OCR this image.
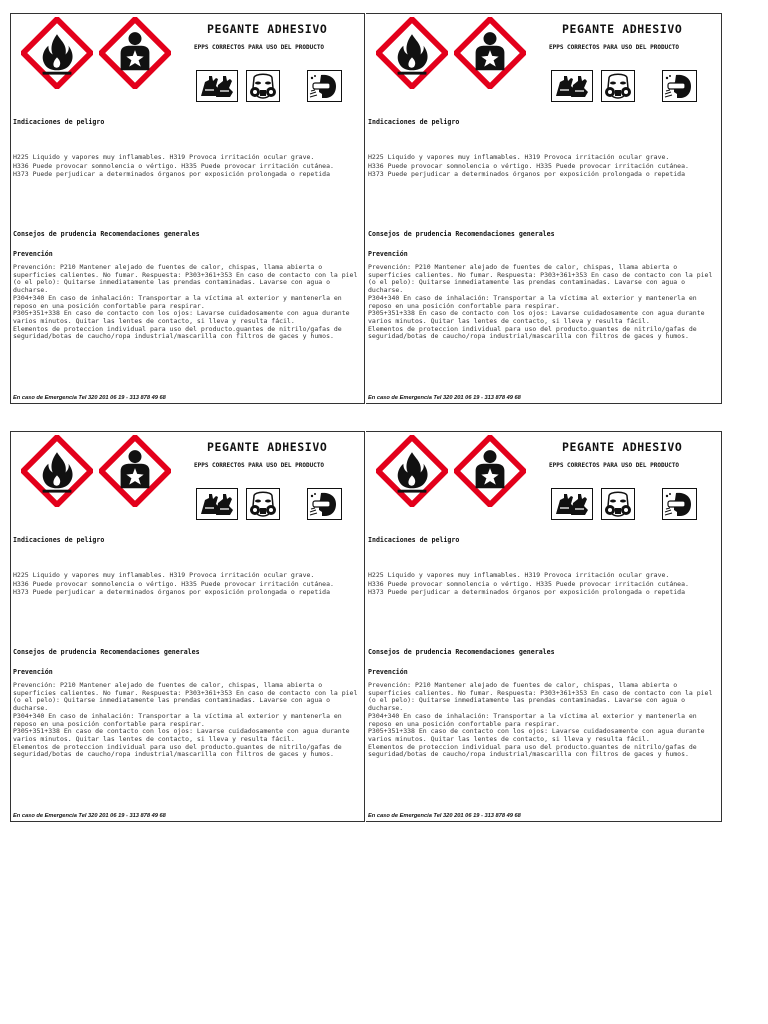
PEGANTE ADHESIVO
EPPS CORRECTOS PARA USO DEL PRODUCTO
Indicaciones de peligro
H225 Liquido y vapores muy inflamables. H319 Provoca irritación ocular grave.
H336 Puede provocar somnolencia o vértigo. H335 Puede provocar irritación cutánea.
H373 Puede perjudicar a determinados órganos por exposición prolongada o repetida
Consejos de prudencia Recomendaciones generales
Prevención
Prevención: P210 Mantener alejado de fuentes de calor, chispas, llama abierta o superficies calientes. No fumar. Respuesta: P303+361+353 En caso de contacto con la piel (o el pelo): Quitarse inmediatamente las prendas contaminadas. Lavarse con agua o ducharse.
P304+340 En caso de inhalación: Transportar a la víctima al exterior y mantenerla en reposo en una posición confortable para respirar.
P305+351+338 En caso de contacto con los ojos: Lavarse cuidadosamente con agua durante varios minutos. Quitar las lentes de contacto, si lleva y resulta fácil.
Elementos de proteccion individual para uso del producto.guantes de nitrilo/gafas de seguridad/botas de caucho/ropa industrial/mascarilla con filtros de gaces y humos.
En caso de Emergencia Tel 320 201 06 19 - 313 878 49 68
PEGANTE ADHESIVO
EPPS CORRECTOS PARA USO DEL PRODUCTO
Indicaciones de peligro
H225 Liquido y vapores muy inflamables. H319 Provoca irritación ocular grave.
H336 Puede provocar somnolencia o vértigo. H335 Puede provocar irritación cutánea.
H373 Puede perjudicar a determinados órganos por exposición prolongada o repetida
Consejos de prudencia Recomendaciones generales
Prevención
Prevención: P210 Mantener alejado de fuentes de calor, chispas, llama abierta o superficies calientes. No fumar. Respuesta: P303+361+353 En caso de contacto con la piel (o el pelo): Quitarse inmediatamente las prendas contaminadas. Lavarse con agua o ducharse.
P304+340 En caso de inhalación: Transportar a la víctima al exterior y mantenerla en reposo en una posición confortable para respirar.
P305+351+338 En caso de contacto con los ojos: Lavarse cuidadosamente con agua durante varios minutos. Quitar las lentes de contacto, si lleva y resulta fácil.
Elementos de proteccion individual para uso del producto.guantes de nitrilo/gafas de seguridad/botas de caucho/ropa industrial/mascarilla con filtros de gaces y humos.
En caso de Emergencia Tel 320 201 06 19 - 313 878 49 68
PEGANTE ADHESIVO
EPPS CORRECTOS PARA USO DEL PRODUCTO
Indicaciones de peligro
H225 Liquido y vapores muy inflamables. H319 Provoca irritación ocular grave.
H336 Puede provocar somnolencia o vértigo. H335 Puede provocar irritación cutánea.
H373 Puede perjudicar a determinados órganos por exposición prolongada o repetida
Consejos de prudencia Recomendaciones generales
Prevención
Prevención: P210 Mantener alejado de fuentes de calor, chispas, llama abierta o superficies calientes. No fumar. Respuesta: P303+361+353 En caso de contacto con la piel (o el pelo): Quitarse inmediatamente las prendas contaminadas. Lavarse con agua o ducharse.
P304+340 En caso de inhalación: Transportar a la víctima al exterior y mantenerla en reposo en una posición confortable para respirar.
P305+351+338 En caso de contacto con los ojos: Lavarse cuidadosamente con agua durante varios minutos. Quitar las lentes de contacto, si lleva y resulta fácil.
Elementos de proteccion individual para uso del producto.guantes de nitrilo/gafas de seguridad/botas de caucho/ropa industrial/mascarilla con filtros de gaces y humos.
En caso de Emergencia Tel 320 201 06 19 - 313 878 49 68
PEGANTE ADHESIVO
EPPS CORRECTOS PARA USO DEL PRODUCTO
Indicaciones de peligro
H225 Liquido y vapores muy inflamables. H319 Provoca irritación ocular grave.
H336 Puede provocar somnolencia o vértigo. H335 Puede provocar irritación cutánea.
H373 Puede perjudicar a determinados órganos por exposición prolongada o repetida
Consejos de prudencia Recomendaciones generales
Prevención
Prevención: P210 Mantener alejado de fuentes de calor, chispas, llama abierta o superficies calientes. No fumar. Respuesta: P303+361+353 En caso de contacto con la piel (o el pelo): Quitarse inmediatamente las prendas contaminadas. Lavarse con agua o ducharse.
P304+340 En caso de inhalación: Transportar a la víctima al exterior y mantenerla en reposo en una posición confortable para respirar.
P305+351+338 En caso de contacto con los ojos: Lavarse cuidadosamente con agua durante varios minutos. Quitar las lentes de contacto, si lleva y resulta fácil.
Elementos de proteccion individual para uso del producto.guantes de nitrilo/gafas de seguridad/botas de caucho/ropa industrial/mascarilla con filtros de gaces y humos.
En caso de Emergencia Tel 320 201 06 19 - 313 878 49 68
